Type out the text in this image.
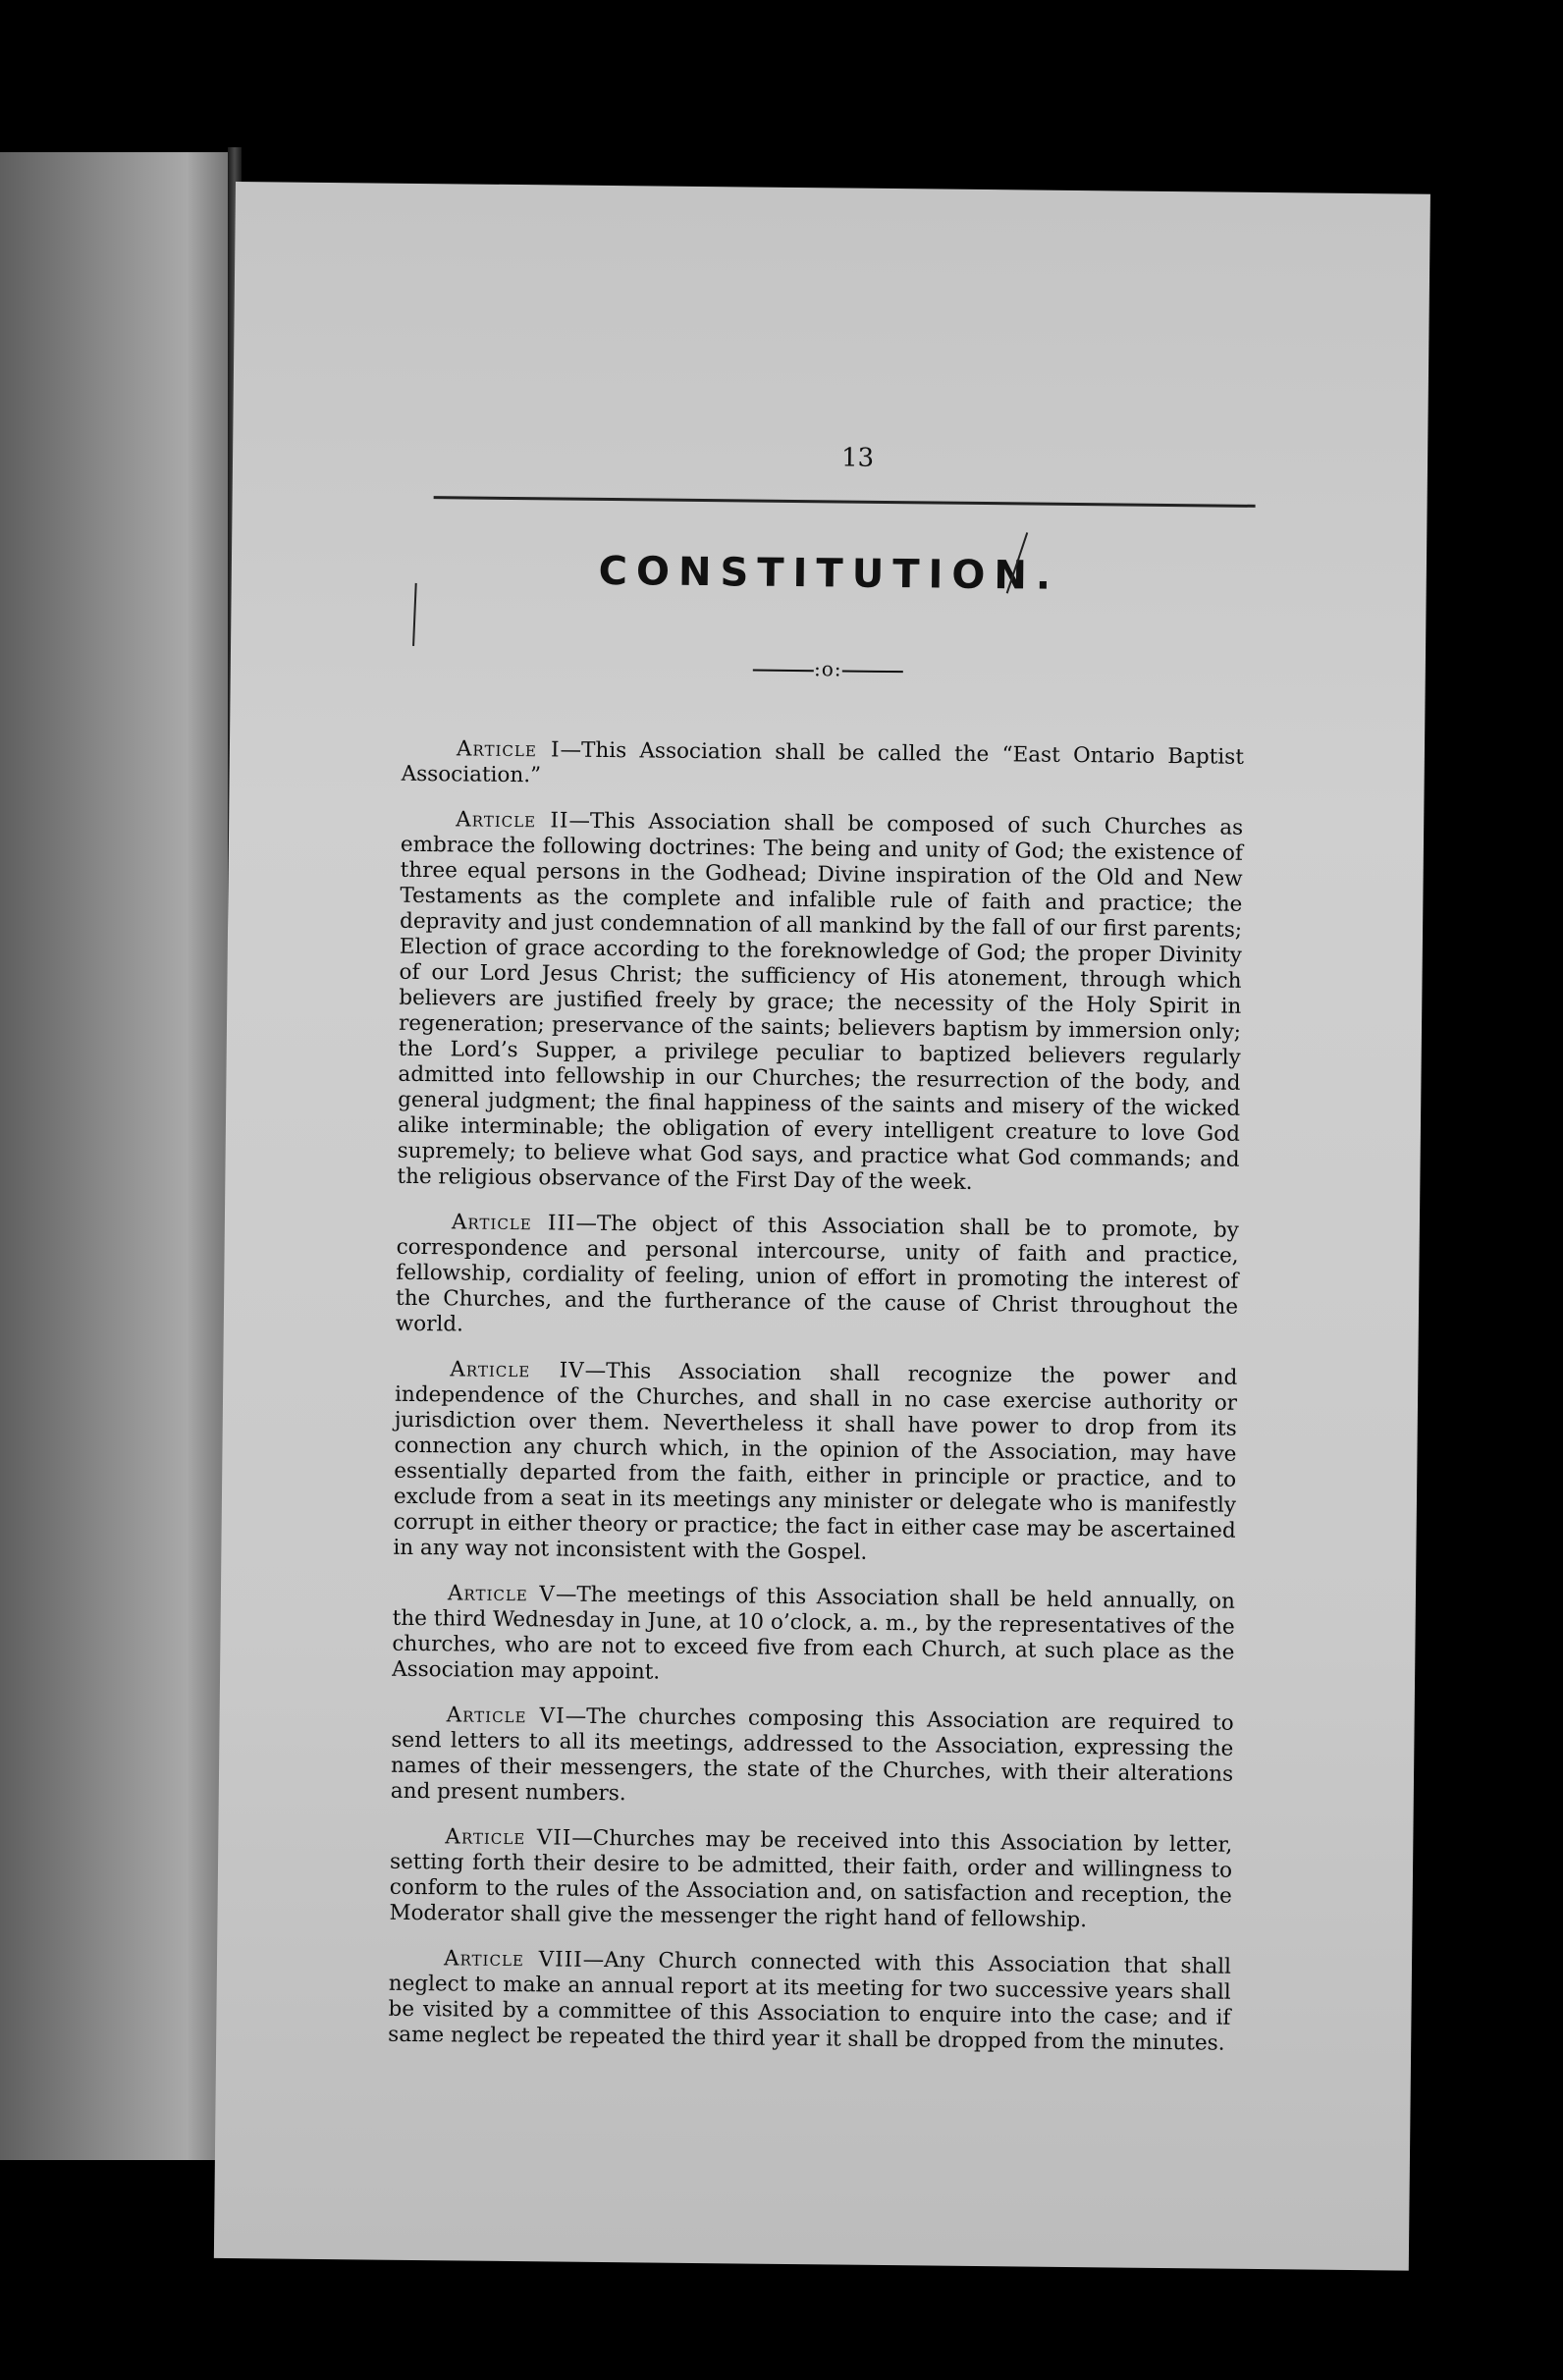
13
CONSTITUTION.
:o:

Article I—This Association shall be called the “East Ontario Baptist Association.”

Article II—This Association shall be composed of such Churches as embrace the following doctrines: The being and unity of God; the existence of three equal persons in the Godhead; Divine inspiration of the Old and New Testaments as the complete and infalible rule of faith and practice; the depravity and just condemnation of all mankind by the fall of our first parents; Election of grace according to the foreknowledge of God; the proper Divinity of our Lord Jesus Christ; the sufficiency of His atonement, through which believers are justified freely by grace; the necessity of the Holy Spirit in regeneration; preservance of the saints; believers baptism by immersion only; the Lord’s Supper, a privilege peculiar to baptized believers regularly admitted into fellowship in our Churches; the resurrection of the body, and general judgment; the final happiness of the saints and misery of the wicked alike interminable; the obligation of every intelligent creature to love God supremely; to believe what God says, and practice what God commands; and the religious observance of the First Day of the week.

Article III—The object of this Association shall be to promote, by correspondence and personal intercourse, unity of faith and practice, fellowship, cordiality of feeling, union of effort in promoting the interest of the Churches, and the furtherance of the cause of Christ throughout the world.

Article IV—This Association shall recognize the power and independence of the Churches, and shall in no case exercise authority or jurisdiction over them. Nevertheless it shall have power to drop from its connection any church which, in the opinion of the Association, may have essentially departed from the faith, either in principle or practice, and to exclude from a seat in its meetings any minister or delegate who is manifestly corrupt in either theory or practice; the fact in either case may be ascertained in any way not inconsistent with the Gospel.

Article V—The meetings of this Association shall be held annually, on the third Wednesday in June, at 10 o’clock, a. m., by the representatives of the churches, who are not to exceed five from each Church, at such place as the Association may appoint.

Article VI—The churches composing this Association are required to send letters to all its meetings, addressed to the Association, expressing the names of their messengers, the state of the Churches, with their alterations and present numbers.

Article VII—Churches may be received into this Association by letter, setting forth their desire to be admitted, their faith, order and willingness to conform to the rules of the Association and, on satisfaction and reception, the Moderator shall give the messenger the right hand of fellowship.

Article VIII—Any Church connected with this Association that shall neglect to make an annual report at its meeting for two successive years shall be visited by a committee of this Association to enquire into the case; and if same neglect be repeated the third year it shall be dropped from the minutes.
